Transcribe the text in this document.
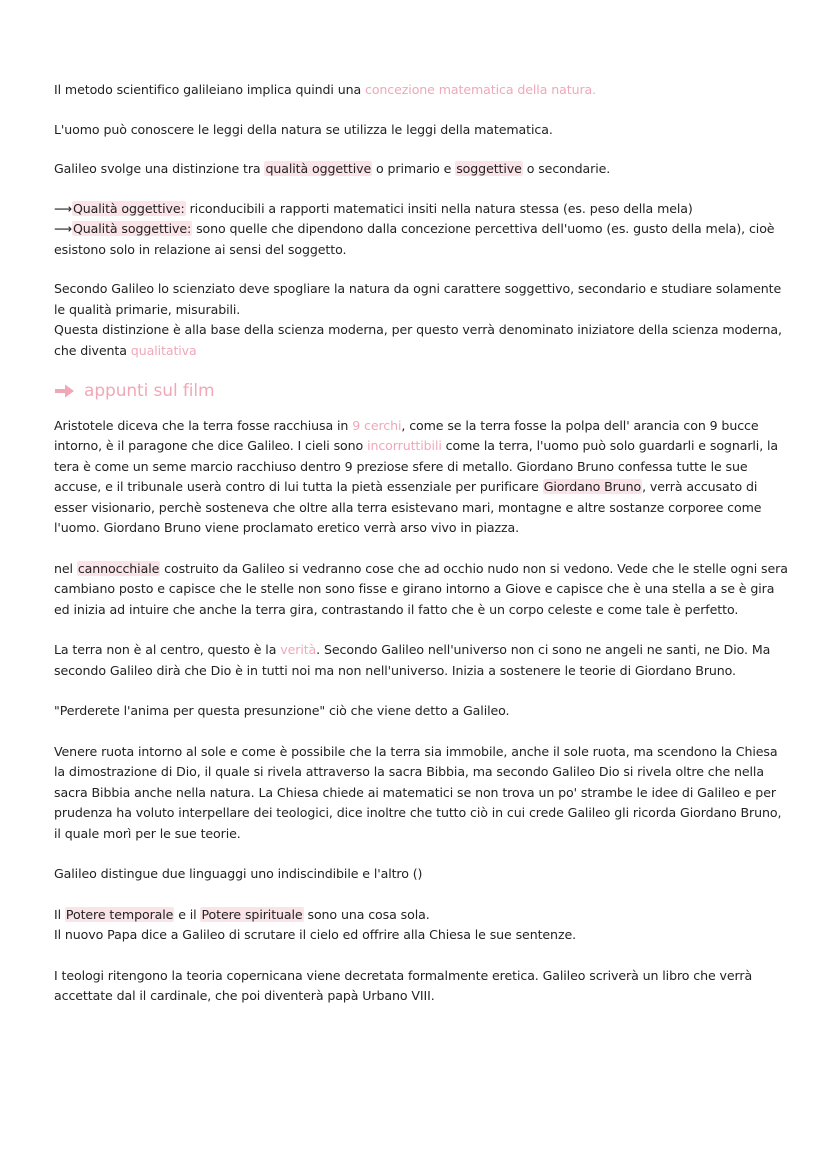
Il metodo scientifico galileiano implica quindi una concezione matematica della natura.

L'uomo può conoscere le leggi della natura se utilizza le leggi della matematica.

Galileo svolge una distinzione tra qualità oggettive o primario e soggettive o secondarie.

⟶Qualità oggettive: riconducibili a rapporti matematici insiti nella natura stessa (es. peso della mela)
⟶Qualità soggettive: sono quelle che dipendono dalla concezione percettiva dell'uomo (es. gusto della mela), cioè esistono solo in relazione ai sensi del soggetto.

Secondo Galileo lo scienziato deve spogliare la natura da ogni carattere soggettivo, secondario e studiare solamente le qualità primarie, misurabili.
Questa distinzione è alla base della scienza moderna, per questo verrà denominato iniziatore della scienza moderna, che diventa qualitativa

appunti sul film

Aristotele diceva che la terra fosse racchiusa in 9 cerchi, come se la terra fosse la polpa dell' arancia con 9 bucce intorno, è il paragone che dice Galileo. I cieli sono incorruttibili come la terra, l'uomo può solo guardarli e sognarli, la tera è come un seme marcio racchiuso dentro 9 preziose sfere di metallo. Giordano Bruno confessa tutte le sue accuse, e il tribunale userà contro di lui tutta la pietà essenziale per purificare Giordano Bruno, verrà accusato di esser visionario, perchè sosteneva che oltre alla terra esistevano mari, montagne e altre sostanze corporee come l'uomo. Giordano Bruno viene proclamato eretico verrà arso vivo in piazza.

nel cannocchiale costruito da Galileo si vedranno cose che ad occhio nudo non si vedono. Vede che le stelle ogni sera cambiano posto e capisce che le stelle non sono fisse e girano intorno a Giove e capisce che è una stella a se è gira ed inizia ad intuire che anche la terra gira, contrastando il fatto che è un corpo celeste e come tale è perfetto.

La terra non è al centro, questo è la verità. Secondo Galileo nell'universo non ci sono ne angeli ne santi, ne Dio. Ma secondo Galileo dirà che Dio è in tutti noi ma non nell'universo. Inizia a sostenere le teorie di Giordano Bruno.

"Perderete l'anima per questa presunzione" ciò che viene detto a Galileo.

Venere ruota intorno al sole e come è possibile che la terra sia immobile, anche il sole ruota, ma scendono la Chiesa la dimostrazione di Dio, il quale si rivela attraverso la sacra Bibbia, ma secondo Galileo Dio si rivela oltre che nella sacra Bibbia anche nella natura. La Chiesa chiede ai matematici se non trova un po' strambe le idee di Galileo e per prudenza ha voluto interpellare dei teologici, dice inoltre che tutto ciò in cui crede Galileo gli ricorda Giordano Bruno, il quale morì per le sue teorie.

Galileo distingue due linguaggi uno indiscindibile e l'altro ()

Il Potere temporale e il Potere spirituale sono una cosa sola.
Il nuovo Papa dice a Galileo di scrutare il cielo ed offrire alla Chiesa le sue sentenze.

I teologi ritengono la teoria copernicana viene decretata formalmente eretica. Galileo scriverà un libro che verrà accettate dal il cardinale, che poi diventerà papà Urbano VIII.
